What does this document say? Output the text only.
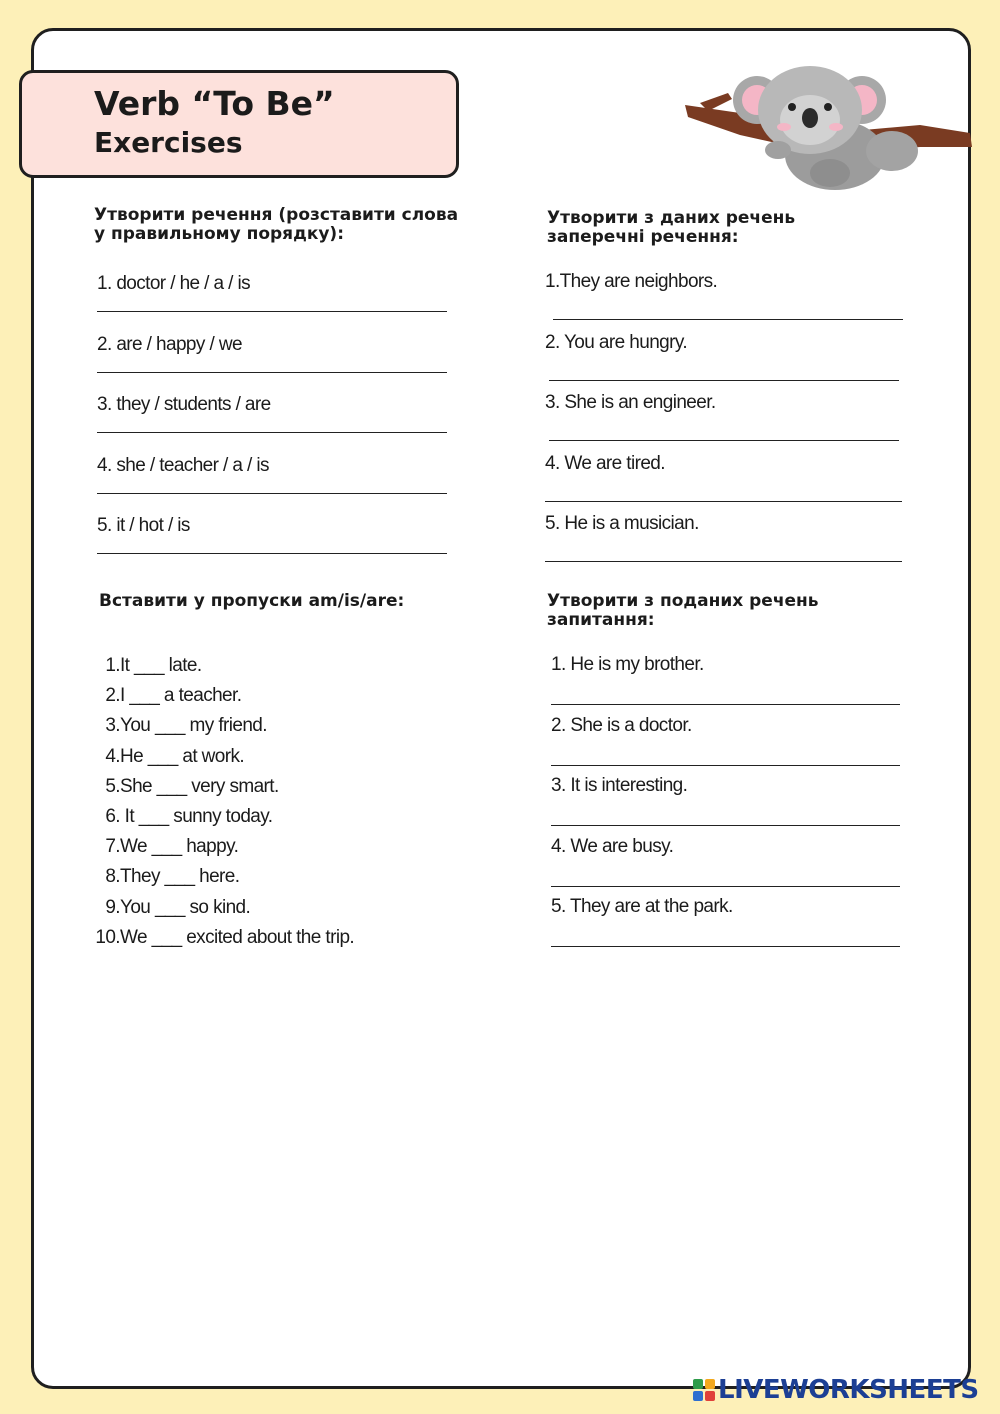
Verb “To Be”
Exercises
Утворити речення (розставити слова
у правильному порядку):
1. doctor / he / a / is
2. are / happy / we
3. they / students / are
4. she / teacher / a / is
5. it / hot / is
Утворити з даних речень
заперечні речення:
1.They are neighbors.
2. You are hungry.
3. She is an engineer.
4. We are tired.
5. He is a musician.
Вставити у пропуски am/is/are:
1. It ___ late.
2. I ___ a teacher.
3. You ___ my friend.
4. He ___ at work.
5. She ___ very smart.
6. It ___ sunny today.
7. We ___ happy.
8. They ___ here.
9. You ___ so kind.
10. We ___ excited about the trip.
Утворити з поданих речень
запитання:
1. He is my brother.
2. She is a doctor.
3. It is interesting.
4. We are busy.
5. They are at the park.
LIVEWORKSHEETS
